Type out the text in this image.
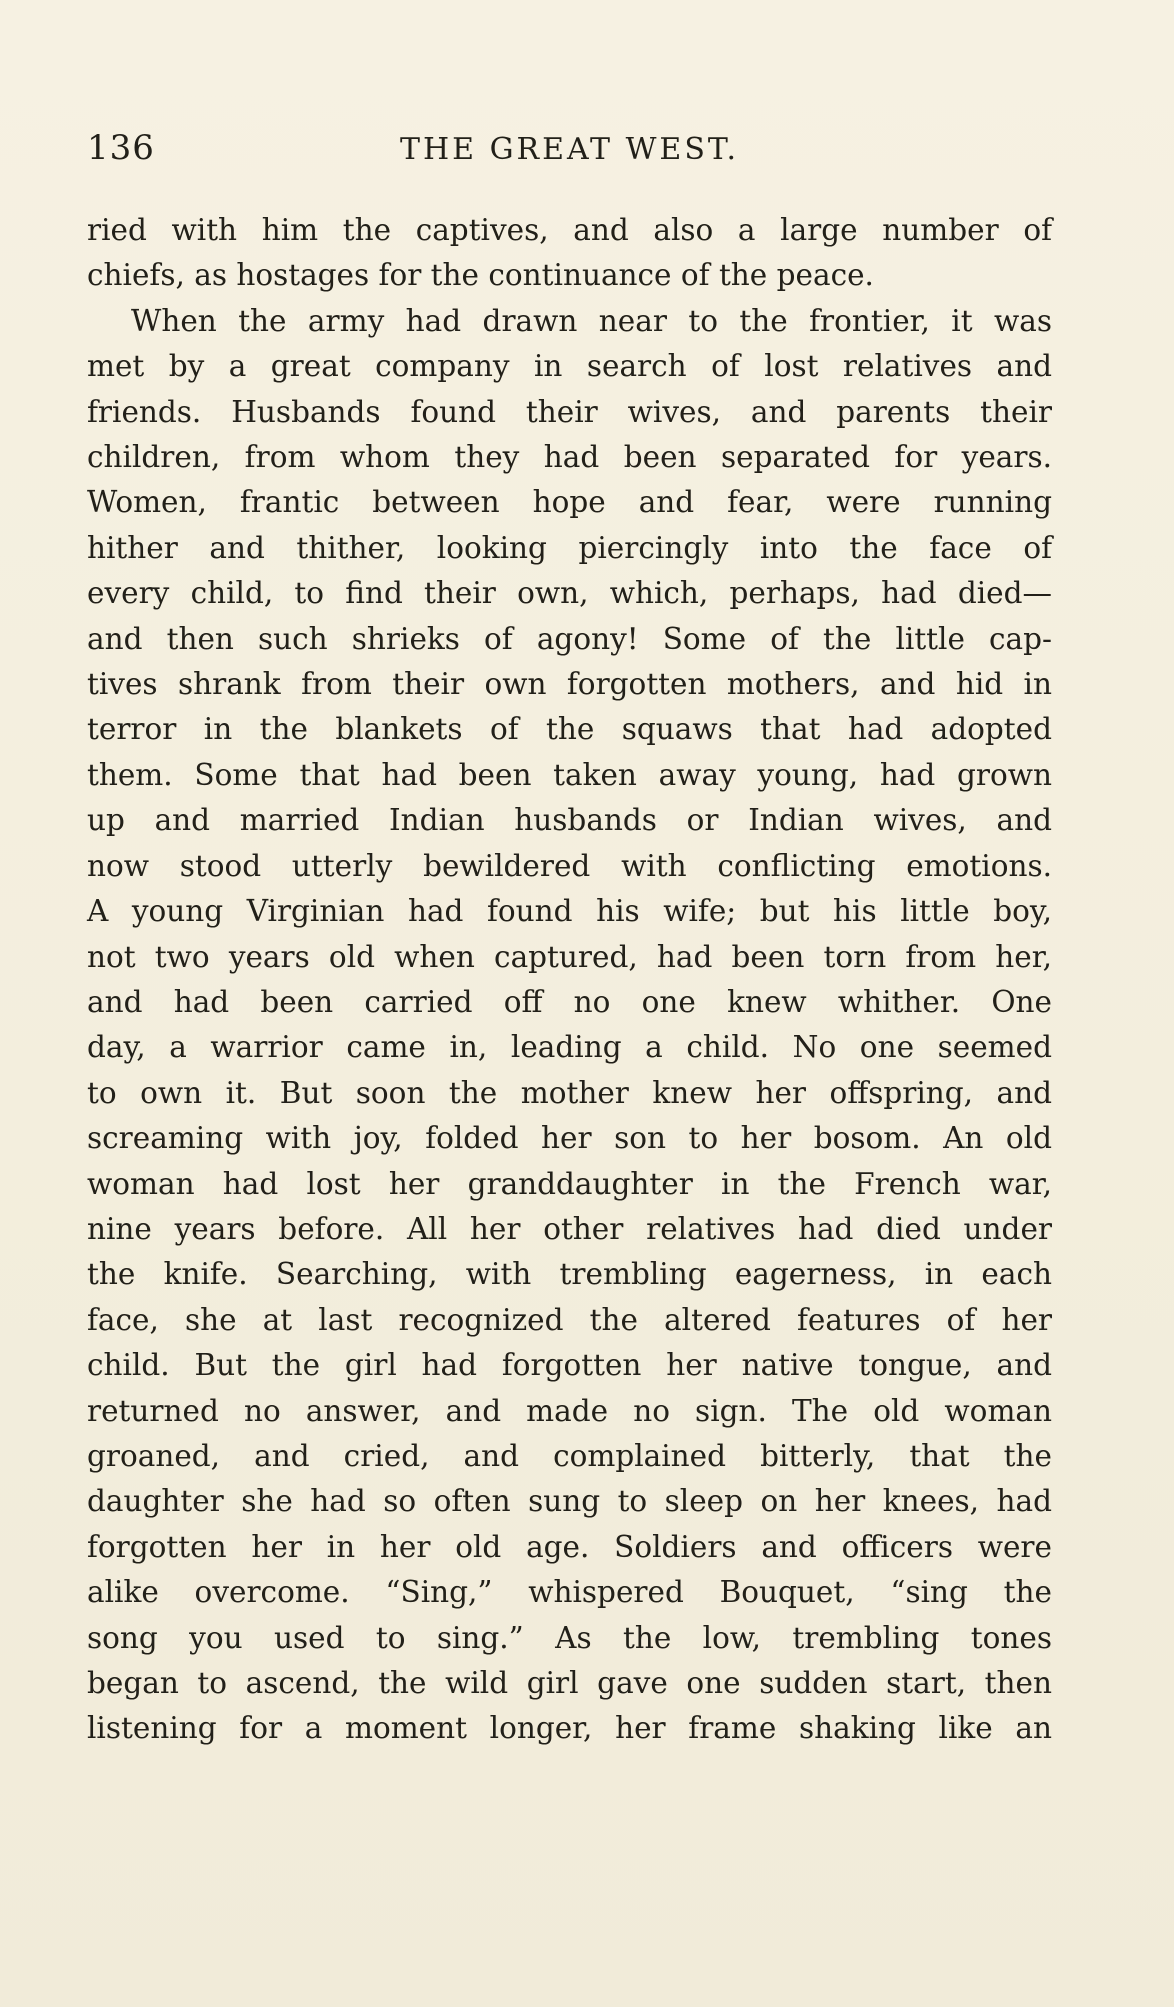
136	THE GREAT WEST.
ried with him the captives, and also a large number of
chiefs, as hostages for the continuance of the peace.
When the army had drawn near to the frontier, it was
met by a great company in search of lost relatives and
friends. Husbands found their wives, and parents their
children, from whom they had been separated for years.
Women, frantic between hope and fear, were running
hither and thither, looking piercingly into the face of
every child, to find their own, which, perhaps, had died—
and then such shrieks of agony! Some of the little cap-
tives shrank from their own forgotten mothers, and hid in
terror in the blankets of the squaws that had adopted
them. Some that had been taken away young, had grown
up and married Indian husbands or Indian wives, and
now stood utterly bewildered with conflicting emotions.
A young Virginian had found his wife; but his little boy,
not two years old when captured, had been torn from her,
and had been carried off no one knew whither. One
day, a warrior came in, leading a child. No one seemed
to own it. But soon the mother knew her offspring, and
screaming with joy, folded her son to her bosom. An old
woman had lost her granddaughter in the French war,
nine years before. All her other relatives had died under
the knife. Searching, with trembling eagerness, in each
face, she at last recognized the altered features of her
child. But the girl had forgotten her native tongue, and
returned no answer, and made no sign. The old woman
groaned, and cried, and complained bitterly, that the
daughter she had so often sung to sleep on her knees, had
forgotten her in her old age. Soldiers and officers were
alike overcome. “Sing,” whispered Bouquet, “sing the
song you used to sing.” As the low, trembling tones
began to ascend, the wild girl gave one sudden start, then
listening for a moment longer, her frame shaking like an
